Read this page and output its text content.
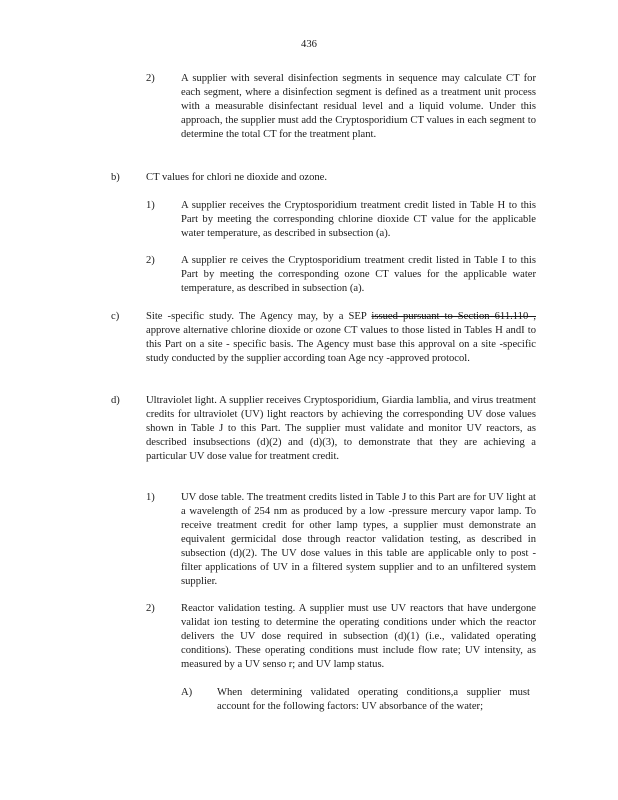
436
2) A supplier with several disinfection segments in sequence may calculate CT for each segment, where a disinfection segment is defined as a treatment unit process with a measurable disinfectant residual level and a liquid volume. Under this approach, the supplier must add the Cryptosporidium CT values in each segment to determine the total CT for the treatment plant.

b) CT values for chlori ne dioxide and ozone.

1) A supplier receives the Cryptosporidium treatment credit listed in Table H to this Part by meeting the corresponding chlorine dioxide CT value for the applicable water temperature, as described in subsection (a).

2) A supplier re ceives the Cryptosporidium treatment credit listed in Table I to this Part by meeting the corresponding ozone CT values for the applicable water temperature, as described in subsection (a).

c)	Site -specific study. The Agency may, by a SEP issued pursuant to Section 611.110 , approve alternative chlorine dioxide or ozone CT values to those listed in Tables H andI to this Part on a site - specific basis. The Agency must base this approval on a site -specific study conducted by the supplier according toan Age ncy -approved protocol.

d) Ultraviolet light. A supplier receives Cryptosporidium, Giardia lamblia, and virus treatment credits for ultraviolet (UV) light reactors by achieving the corresponding UV dose values shown in Table J to this Part. The supplier must validate and monitor UV reactors, as described insubsections (d)(2) and (d)(3), to demonstrate that they are achieving a particular UV dose value for treatment credit.

1) UV dose table. The treatment credits listed in Table J to this Part are for UV light at a wavelength of 254 nm as produced by a low -pressure mercury vapor lamp. To receive treatment credit for other lamp types, a supplier must demonstrate an equivalent germicidal dose through reactor validation testing, as described in subsection (d)(2). The UV dose values in this table are applicable only to post -filter applications of UV in a filtered system supplier and to an unfiltered system supplier.

2) Reactor validation testing. A supplier must use UV reactors that have undergone validat ion testing to determine the operating conditions under which the reactor delivers the UV dose required in subsection (d)(1) (i.e., validated operating conditions). These operating conditions must include flow rate; UV intensity, as measured by a UV senso r; and UV lamp status.

A) When determining validated operating conditions,a supplier must account for the following factors: UV absorbance of the water;
